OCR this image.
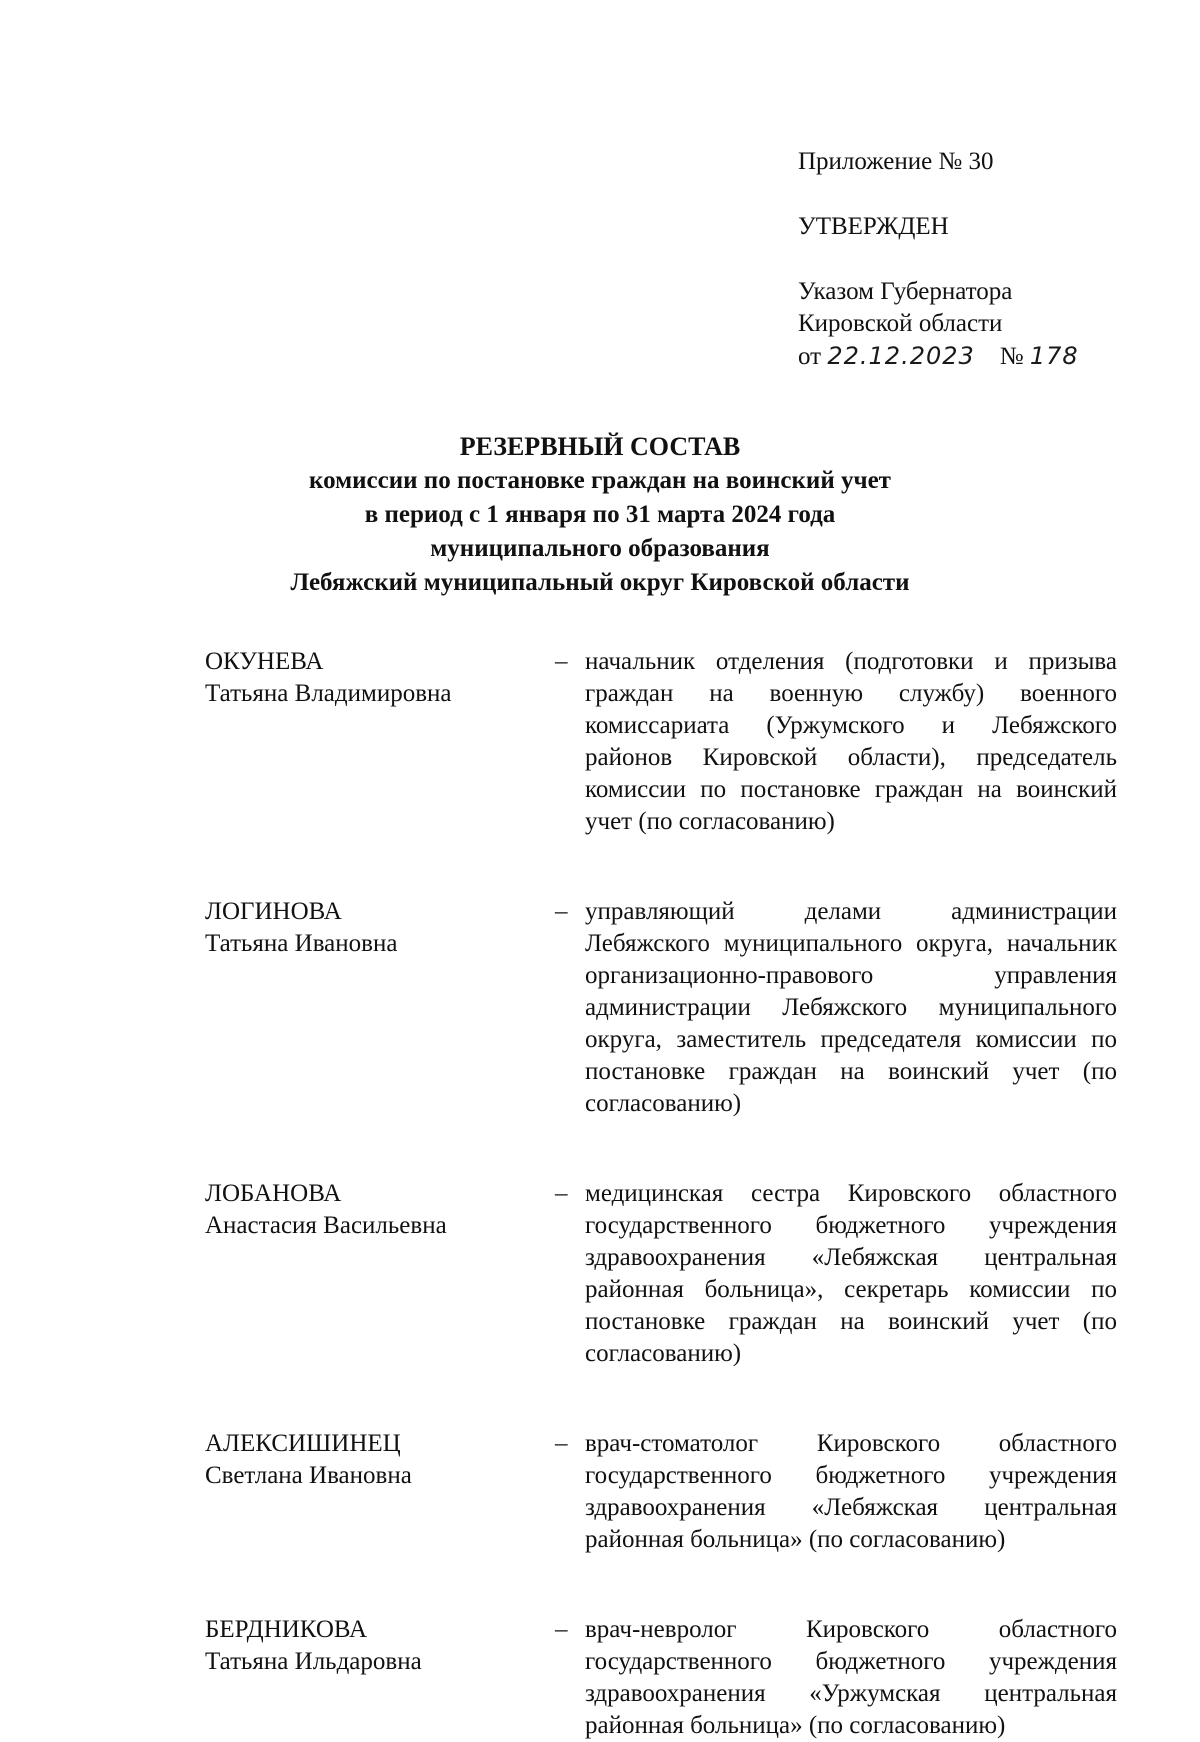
Приложение № 30
УТВЕРЖДЕН
Указом Губернатора
Кировской области
от 22.12.2023 № 178
РЕЗЕРВНЫЙ СОСТАВ
комиссии по постановке граждан на воинский учет
в период с 1 января по 31 марта 2024 года
муниципального образования
Лебяжский муниципальный округ Кировской области
ОКУНЕВА
Татьяна Владимировна
– начальник отделения (подготовки и призыва граждан на военную службу) военного комиссариата (Уржумского и Лебяжского районов Кировской области), председатель комиссии по постановке граждан на воинский учет (по согласованию)
ЛОГИНОВА
Татьяна Ивановна
– управляющий делами администрации Лебяжского муниципального округа, начальник организационно-правового управления администрации Лебяжского муниципального округа, заместитель председателя комиссии по постановке граждан на воинский учет (по согласованию)
ЛОБАНОВА
Анастасия Васильевна
– медицинская сестра Кировского областного государственного бюджетного учреждения здравоохранения «Лебяжская центральная районная больница», секретарь комиссии по постановке граждан на воинский учет (по согласованию)
АЛЕКСИШИНЕЦ
Светлана Ивановна
– врач-стоматолог Кировского областного государственного бюджетного учреждения здравоохранения «Лебяжская центральная районная больница» (по согласованию)
БЕРДНИКОВА
Татьяна Ильдаровна
– врач-невролог Кировского областного государственного бюджетного учреждения здравоохранения «Уржумская центральная районная больница» (по согласованию)
